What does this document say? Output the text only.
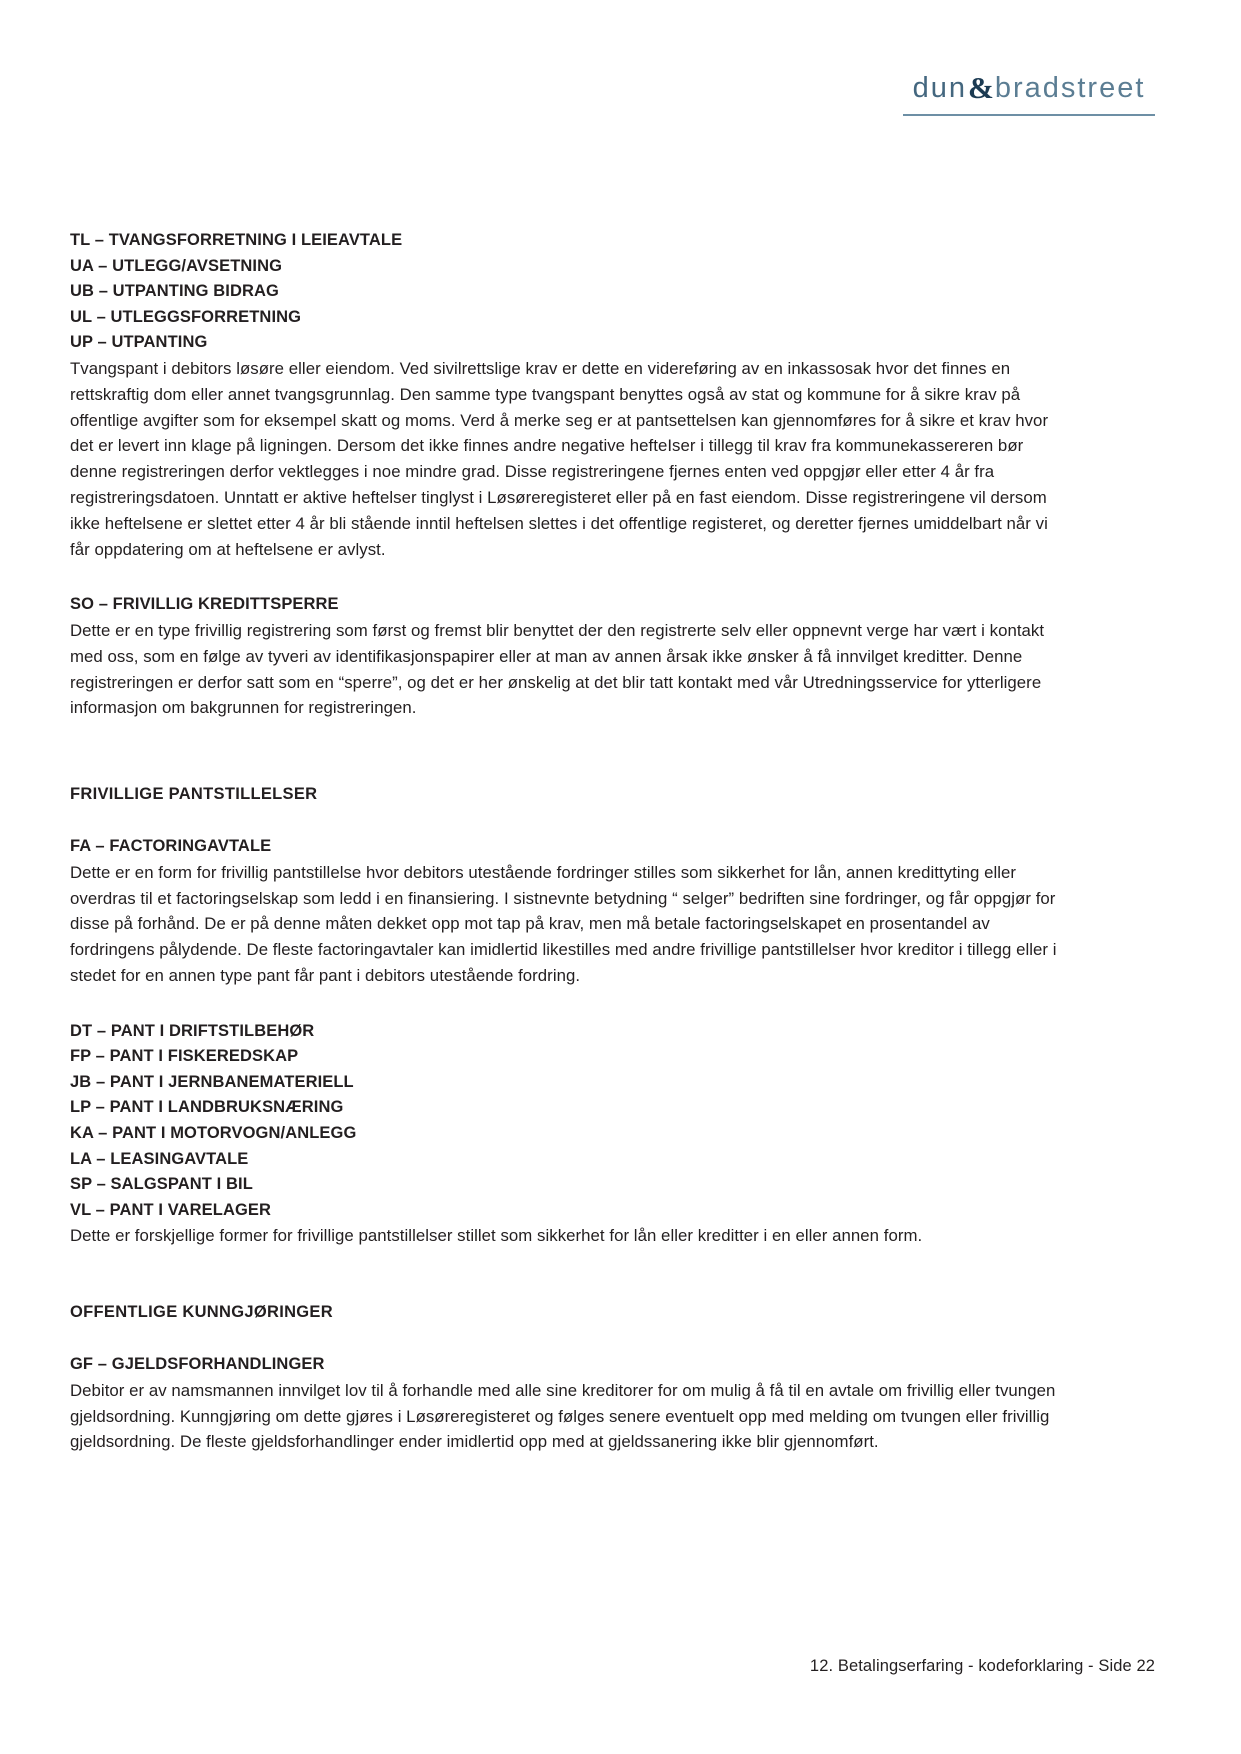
dun & bradstreet
TL – TVANGSFORRETNING I LEIEAVTALE
UA – UTLEGG/AVSETNING
UB – UTPANTING BIDRAG
UL – UTLEGGSFORRETNING
UP – UTPANTING

Tvangspant i debitors løsøre eller eiendom. Ved sivilrettslige krav er dette en videreføring av en inkassosak hvor det finnes en rettskraftig dom eller annet tvangsgrunnlag. Den samme type tvangspant benyttes også av stat og kommune for å sikre krav på offentlige avgifter som for eksempel skatt og moms. Verd å merke seg er at pantsettelsen kan gjennomføres for å sikre et krav hvor det er levert inn klage på ligningen. Dersom det ikke finnes andre negative hefteIser i tillegg til krav fra kommunekassereren bør denne registreringen derfor vektlegges i noe mindre grad. Disse registreringene fjernes enten ved oppgjør eller etter 4 år fra registreringsdatoen. Unntatt er aktive heftelser tinglyst i Løsøreregisteret eller på en fast eiendom. Disse registreringene vil dersom ikke heftelsene er slettet etter 4 år bli stående inntil heftelsen slettes i det offentlige registeret, og deretter fjernes umiddelbart når vi får oppdatering om at heftelsene er avlyst.

SO – FRIVILLIG KREDITTSPERRE

Dette er en type frivillig registrering som først og fremst blir benyttet der den registrerte selv eller oppnevnt verge har vært i kontakt med oss, som en følge av tyveri av identifikasjonspapirer eller at man av annen årsak ikke ønsker å få innvilget kreditter. Denne registreringen er derfor satt som en “sperre”, og det er her ønskelig at det blir tatt kontakt med vår Utredningsservice for ytterligere informasjon om bakgrunnen for registreringen.

FRIVILLIGE PANTSTILLELSER
FA – FACTORINGAVTALE

Dette er en form for frivillig pantstillelse hvor debitors utestående fordringer stilles som sikkerhet for lån, annen kredittyting eller overdras til et factoringselskap som ledd i en finansiering. I sistnevnte betydning “ selger” bedriften sine fordringer, og får oppgjør for disse på forhånd. De er på denne måten dekket opp mot tap på krav, men må betale factoringselskapet en prosentandel av fordringens pålydende. De fleste factoringavtaler kan imidlertid likestilles med andre frivillige pantstillelser hvor kreditor i tillegg eller i stedet for en annen type pant får pant i debitors utestående fordring.

DT – PANT I DRIFTSTILBEHØR
FP – PANT I FISKEREDSKAP
JB – PANT I JERNBANEMATERIELL
LP – PANT I LANDBRUKSNÆRING
KA – PANT I MOTORVOGN/ANLEGG
LA – LEASINGAVTALE
SP – SALGSPANT I BIL
VL – PANT I VARELAGER

Dette er forskjellige former for frivillige pantstillelser stillet som sikkerhet for lån eller kreditter i en eller annen form.

OFFENTLIGE KUNNGJØRINGER
GF – GJELDSFORHANDLINGER

Debitor er av namsmannen innvilget lov til å forhandle med alle sine kreditorer for om mulig å få til en avtale om frivillig eller tvungen gjeldsordning. Kunngjøring om dette gjøres i Løsøreregisteret og følges senere eventuelt opp med melding om tvungen eller frivillig gjeldsordning. De fleste gjeldsforhandlinger ender imidlertid opp med at gjeldssanering ikke blir gjennomført.

12. Betalingserfaring - kodeforklaring - Side 22
